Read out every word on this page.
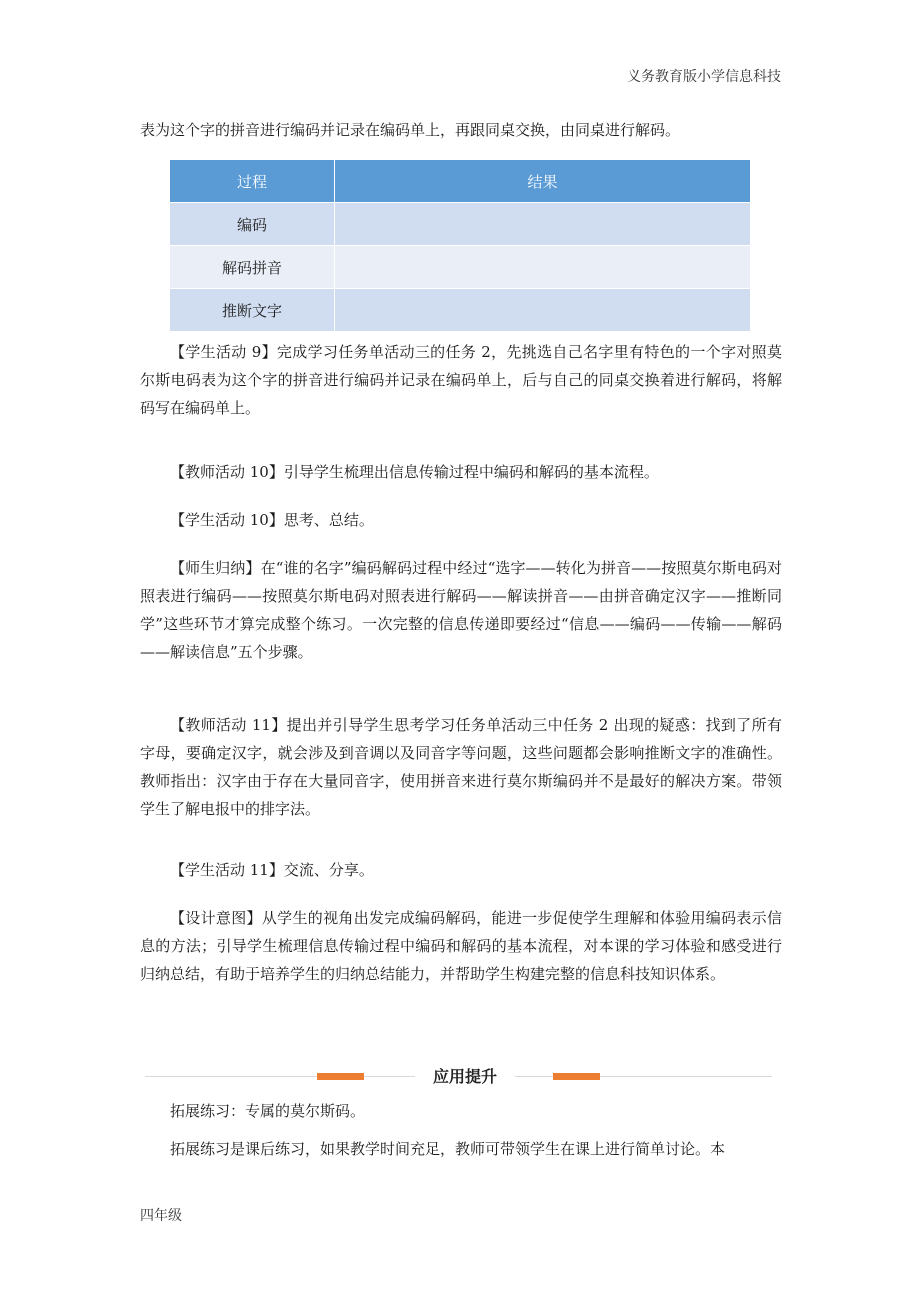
义务教育版小学信息科技

表为这个字的拼音进行编码并记录在编码单上，再跟同桌交换，由同桌进行解码。

过程	结果
编码	
解码拼音	
推断文字	

【学生活动 9】完成学习任务单活动三的任务 2，先挑选自己名字里有特色的一个字对照莫尔斯电码表为这个字的拼音进行编码并记录在编码单上，后与自己的同桌交换着进行解码，将解码写在编码单上。

【教师活动 10】引导学生梳理出信息传输过程中编码和解码的基本流程。

【学生活动 10】思考、总结。

【师生归纳】在“谁的名字”编码解码过程中经过“选字——转化为拼音——按照莫尔斯电码对照表进行编码——按照莫尔斯电码对照表进行解码——解读拼音——由拼音确定汉字——推断同学”这些环节才算完成整个练习。一次完整的信息传递即要经过“信息——编码——传输——解码——解读信息”五个步骤。

【教师活动 11】提出并引导学生思考学习任务单活动三中任务 2 出现的疑惑：找到了所有字母，要确定汉字，就会涉及到音调以及同音字等问题，这些问题都会影响推断文字的准确性。教师指出：汉字由于存在大量同音字，使用拼音来进行莫尔斯编码并不是最好的解决方案。带领学生了解电报中的排字法。

【学生活动 11】交流、分享。

【设计意图】从学生的视角出发完成编码解码，能进一步促使学生理解和体验用编码表示信息的方法；引导学生梳理信息传输过程中编码和解码的基本流程，对本课的学习体验和感受进行归纳总结，有助于培养学生的归纳总结能力，并帮助学生构建完整的信息科技知识体系。

应用提升

拓展练习：专属的莫尔斯码。

拓展练习是课后练习，如果教学时间充足，教师可带领学生在课上进行简单讨论。本

四年级
